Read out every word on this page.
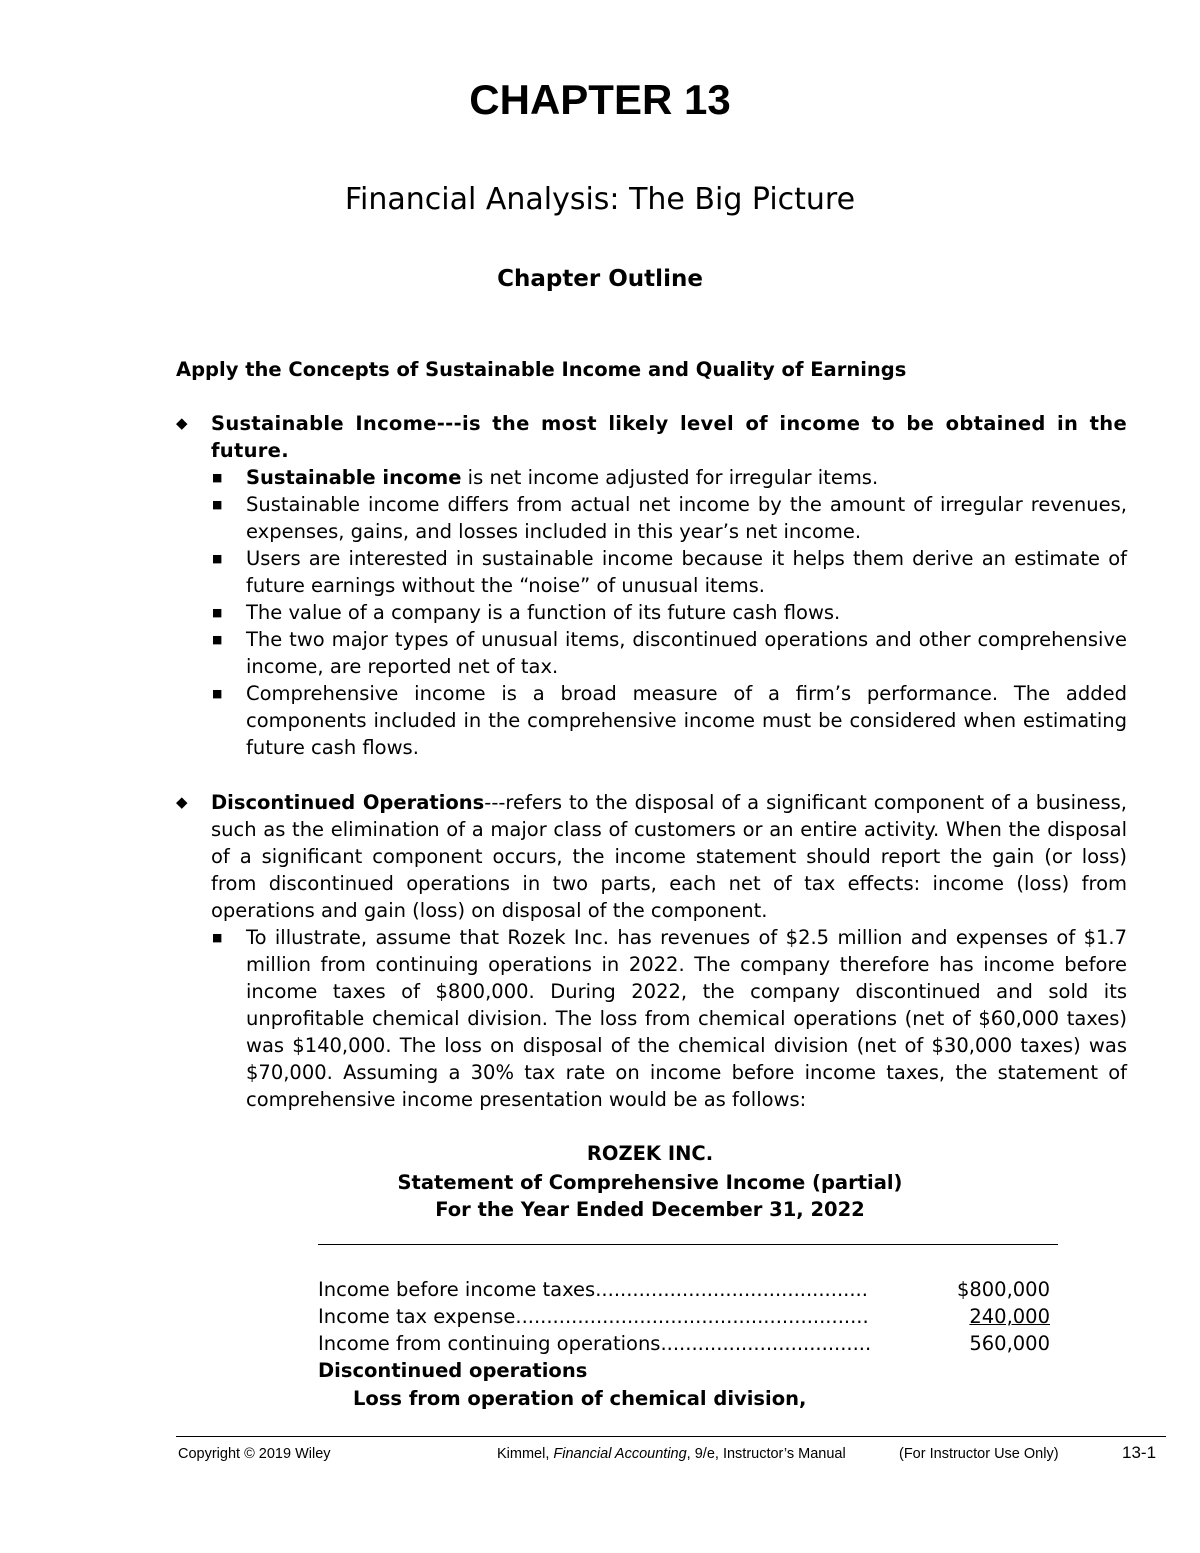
CHAPTER 13
Financial Analysis: The Big Picture
Chapter Outline
Apply the Concepts of Sustainable Income and Quality of Earnings
◆ Sustainable Income---is the most likely level of income to be obtained in the future.
■ Sustainable income is net income adjusted for irregular items.
■ Sustainable income differs from actual net income by the amount of irregular revenues, expenses, gains, and losses included in this year’s net income.
■ Users are interested in sustainable income because it helps them derive an estimate of future earnings without the “noise” of unusual items.
■ The value of a company is a function of its future cash flows.
■ The two major types of unusual items, discontinued operations and other comprehensive income, are reported net of tax.
■ Comprehensive income is a broad measure of a firm’s performance. The added components included in the comprehensive income must be considered when estimating future cash flows.
◆ Discontinued Operations---refers to the disposal of a significant component of a business, such as the elimination of a major class of customers or an entire activity. When the disposal of a significant component occurs, the income statement should report the gain (or loss) from discontinued operations in two parts, each net of tax effects: income (loss) from operations and gain (loss) on disposal of the component.
■ To illustrate, assume that Rozek Inc. has revenues of $2.5 million and expenses of $1.7 million from continuing operations in 2022. The company therefore has income before income taxes of $800,000. During 2022, the company discontinued and sold its unprofitable chemical division. The loss from chemical operations (net of $60,000 taxes) was $140,000. The loss on disposal of the chemical division (net of $30,000 taxes) was $70,000. Assuming a 30% tax rate on income before income taxes, the statement of comprehensive income presentation would be as follows:
ROZEK INC.
Statement of Comprehensive Income (partial)
For the Year Ended December 31, 2022
Income before income taxes............................................	$800,000
Income tax expense.........................................................	240,000
Income from continuing operations..................................	560,000
Discontinued operations
Loss from operation of chemical division,
Copyright © 2019 Wiley	Kimmel, Financial Accounting, 9/e, Instructor’s Manual	(For Instructor Use Only)	13-1
